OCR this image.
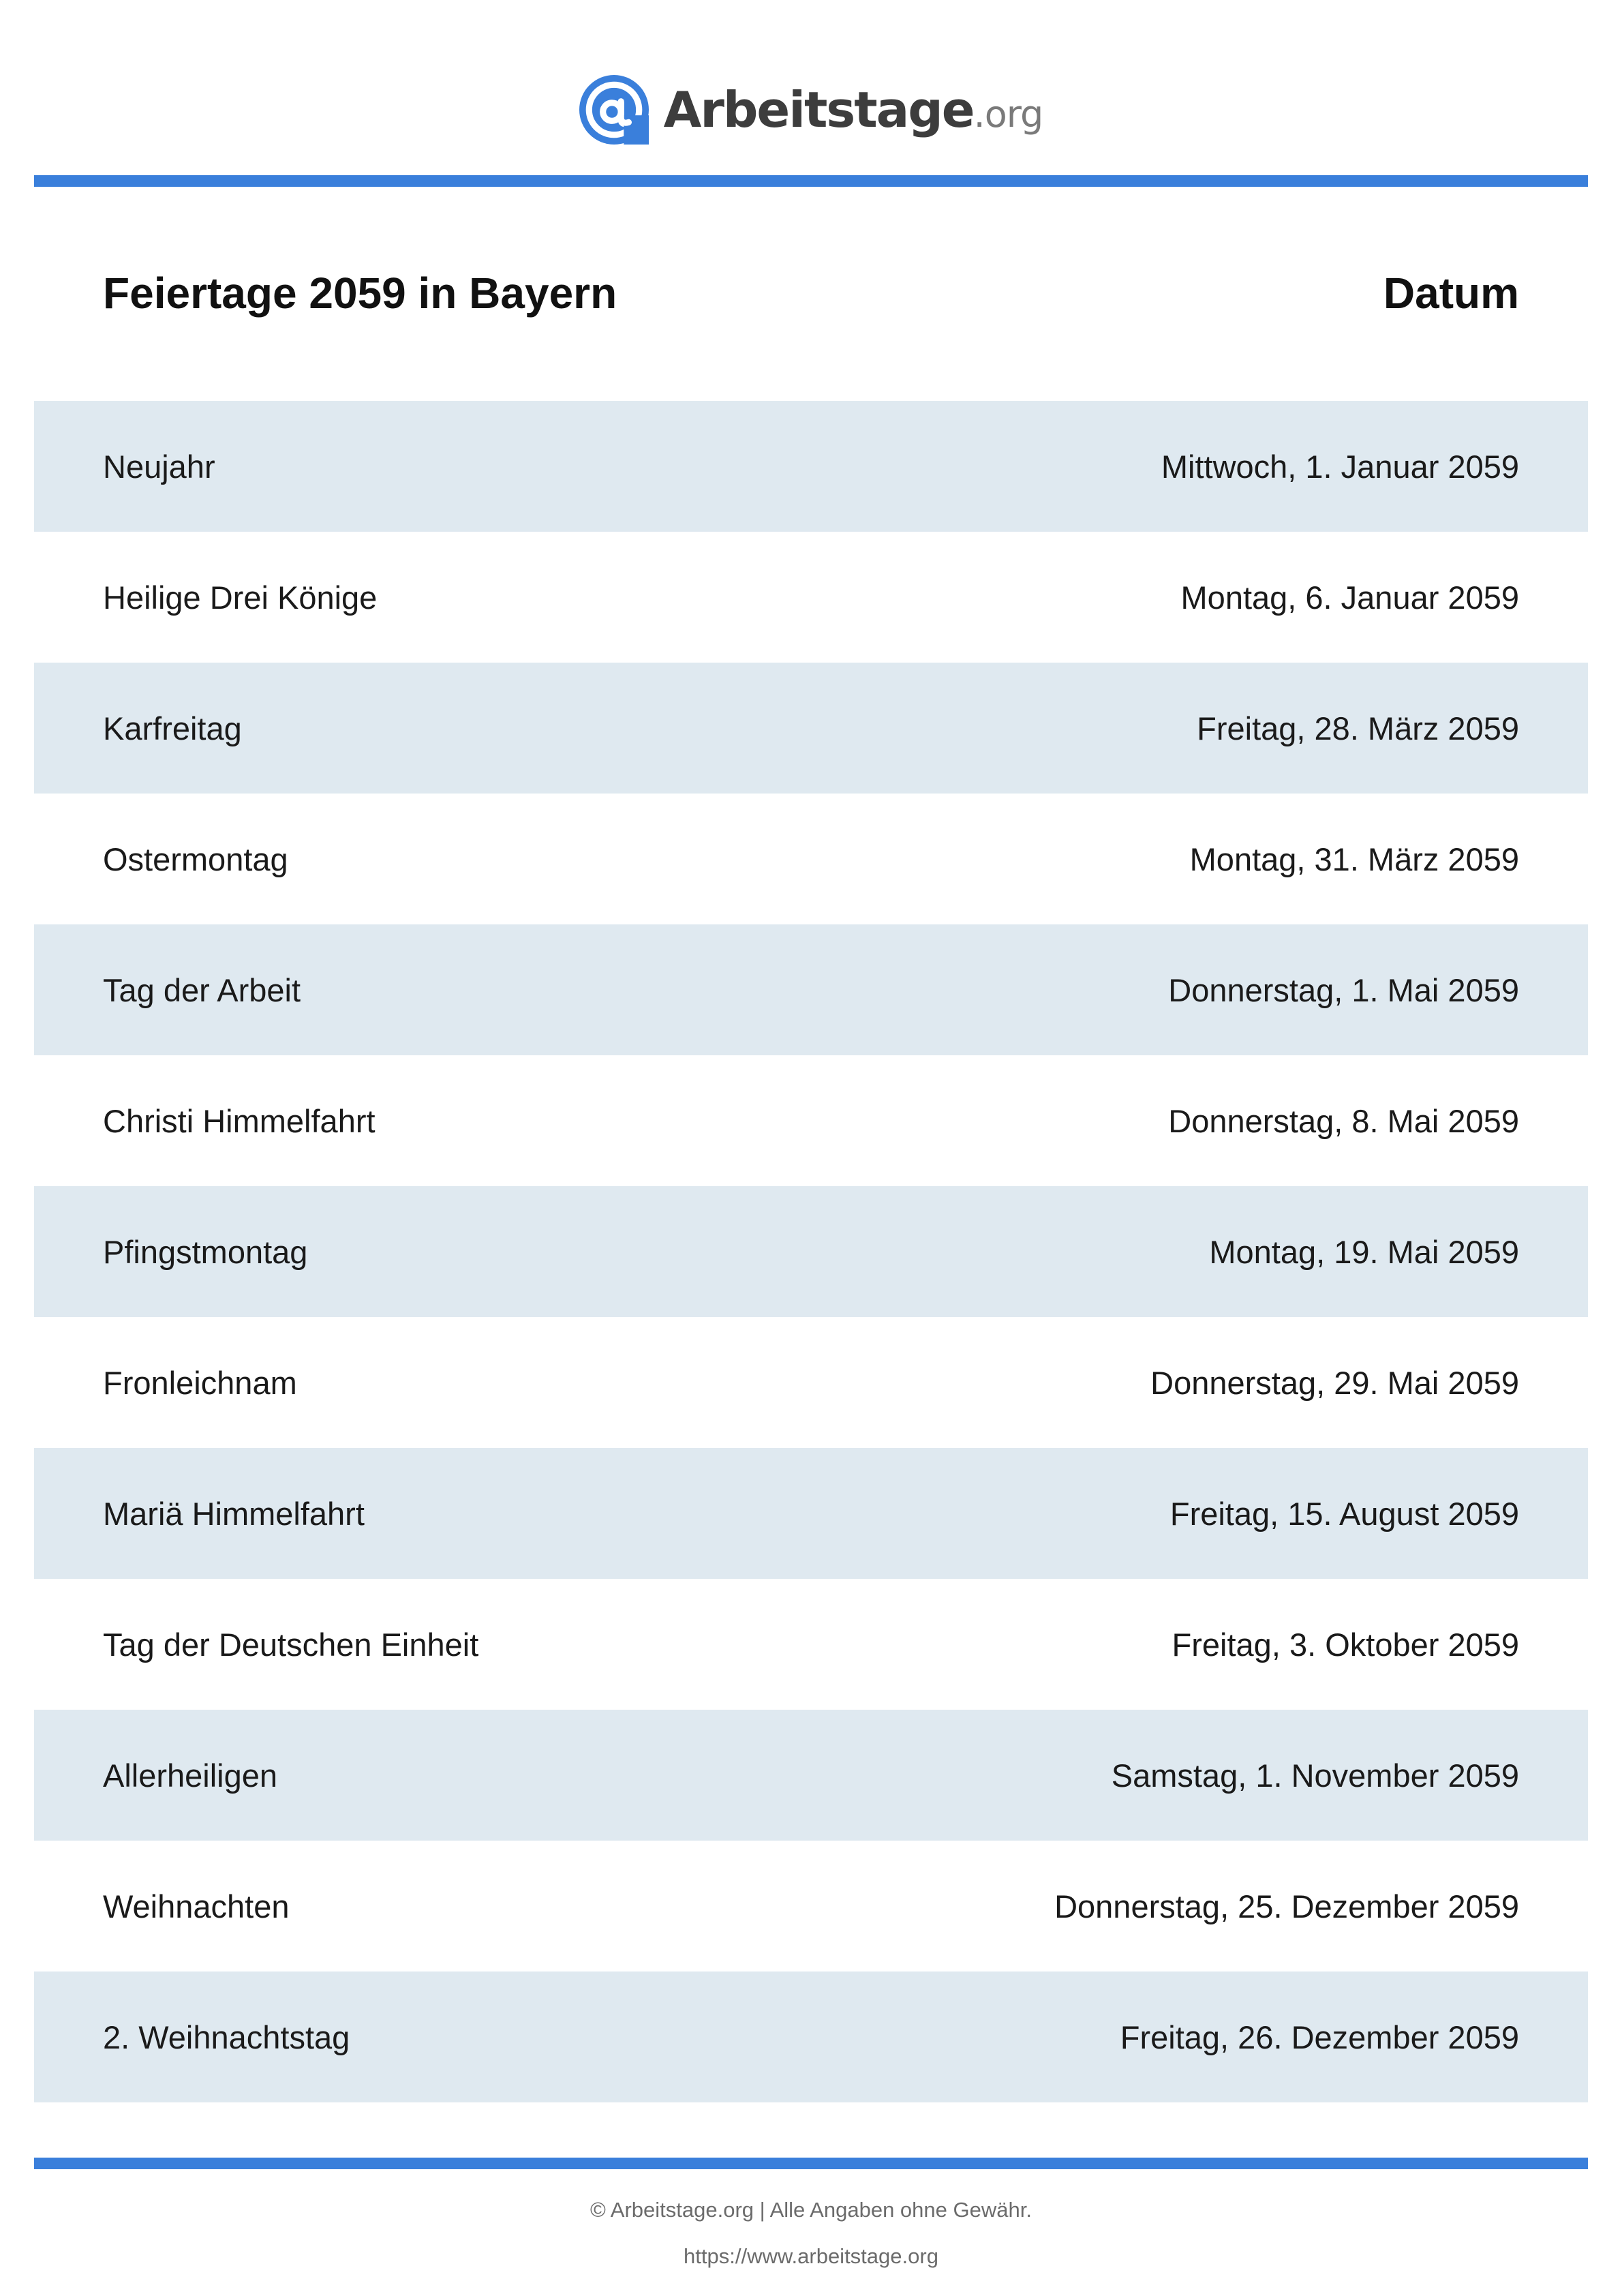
Arbeitstage .org
Feiertage 2059 in Bayern	Datum
Neujahr	Mittwoch, 1. Januar 2059
Heilige Drei Könige	Montag, 6. Januar 2059
Karfreitag	Freitag, 28. März 2059
Ostermontag	Montag, 31. März 2059
Tag der Arbeit	Donnerstag, 1. Mai 2059
Christi Himmelfahrt	Donnerstag, 8. Mai 2059
Pfingstmontag	Montag, 19. Mai 2059
Fronleichnam	Donnerstag, 29. Mai 2059
Mariä Himmelfahrt	Freitag, 15. August 2059
Tag der Deutschen Einheit	Freitag, 3. Oktober 2059
Allerheiligen	Samstag, 1. November 2059
Weihnachten	Donnerstag, 25. Dezember 2059
2. Weihnachtstag	Freitag, 26. Dezember 2059
© Arbeitstage.org | Alle Angaben ohne Gewähr.
https://www.arbeitstage.org
